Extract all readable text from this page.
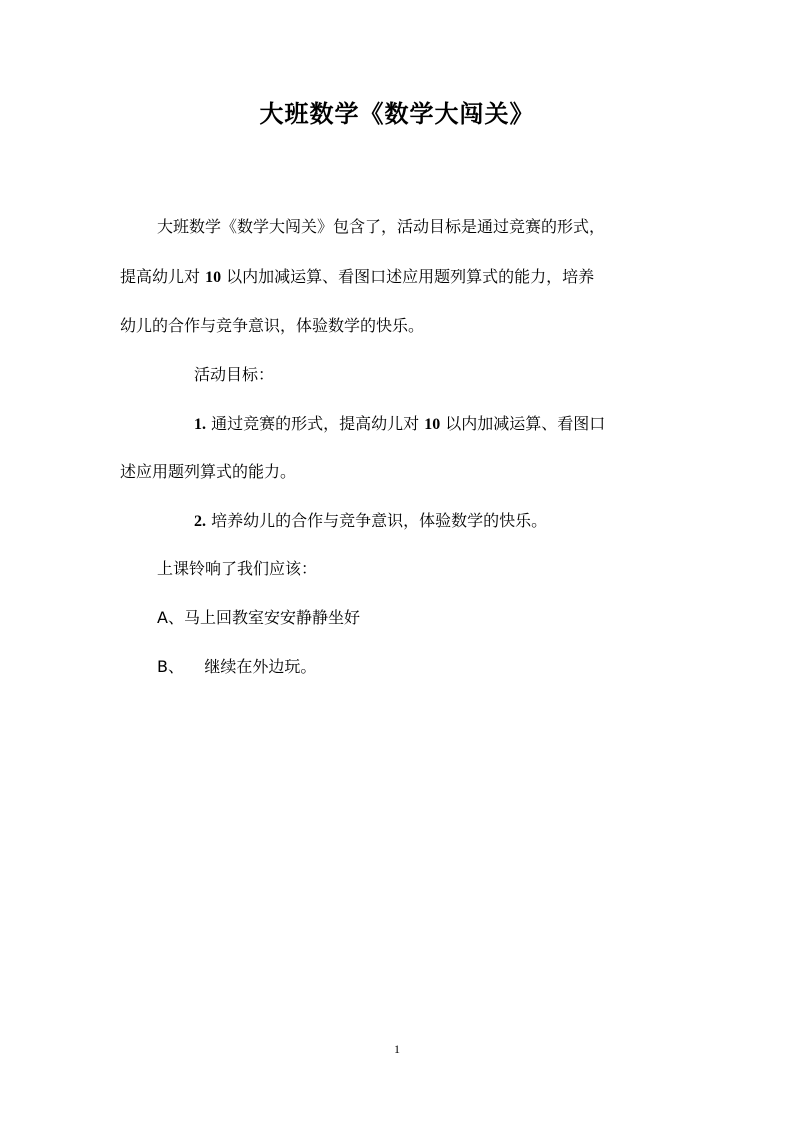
大班数学《数学大闯关》
大班数学《数学大闯关》包含了，活动目标是通过竞赛的形式，
提高幼儿对 10 以内加减运算、看图口述应用题列算式的能力，培养
幼儿的合作与竞争意识，体验数学的快乐。
活动目标：
1. 通过竞赛的形式，提高幼儿对 10 以内加减运算、看图口
述应用题列算式的能力。
2. 培养幼儿的合作与竞争意识，体验数学的快乐。
上课铃响了我们应该：
A、马上回教室安安静静坐好
B、    继续在外边玩。
1
